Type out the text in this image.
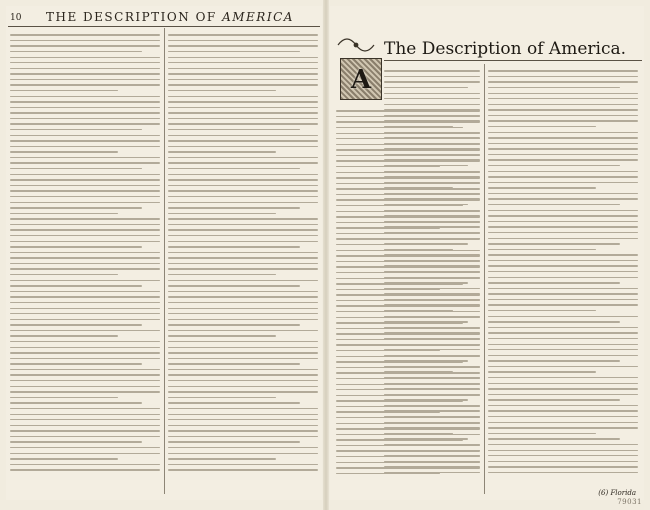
10 THE DESCRIPTION OF AMERICA
The Description of America.
A
(6) Florida
79031
